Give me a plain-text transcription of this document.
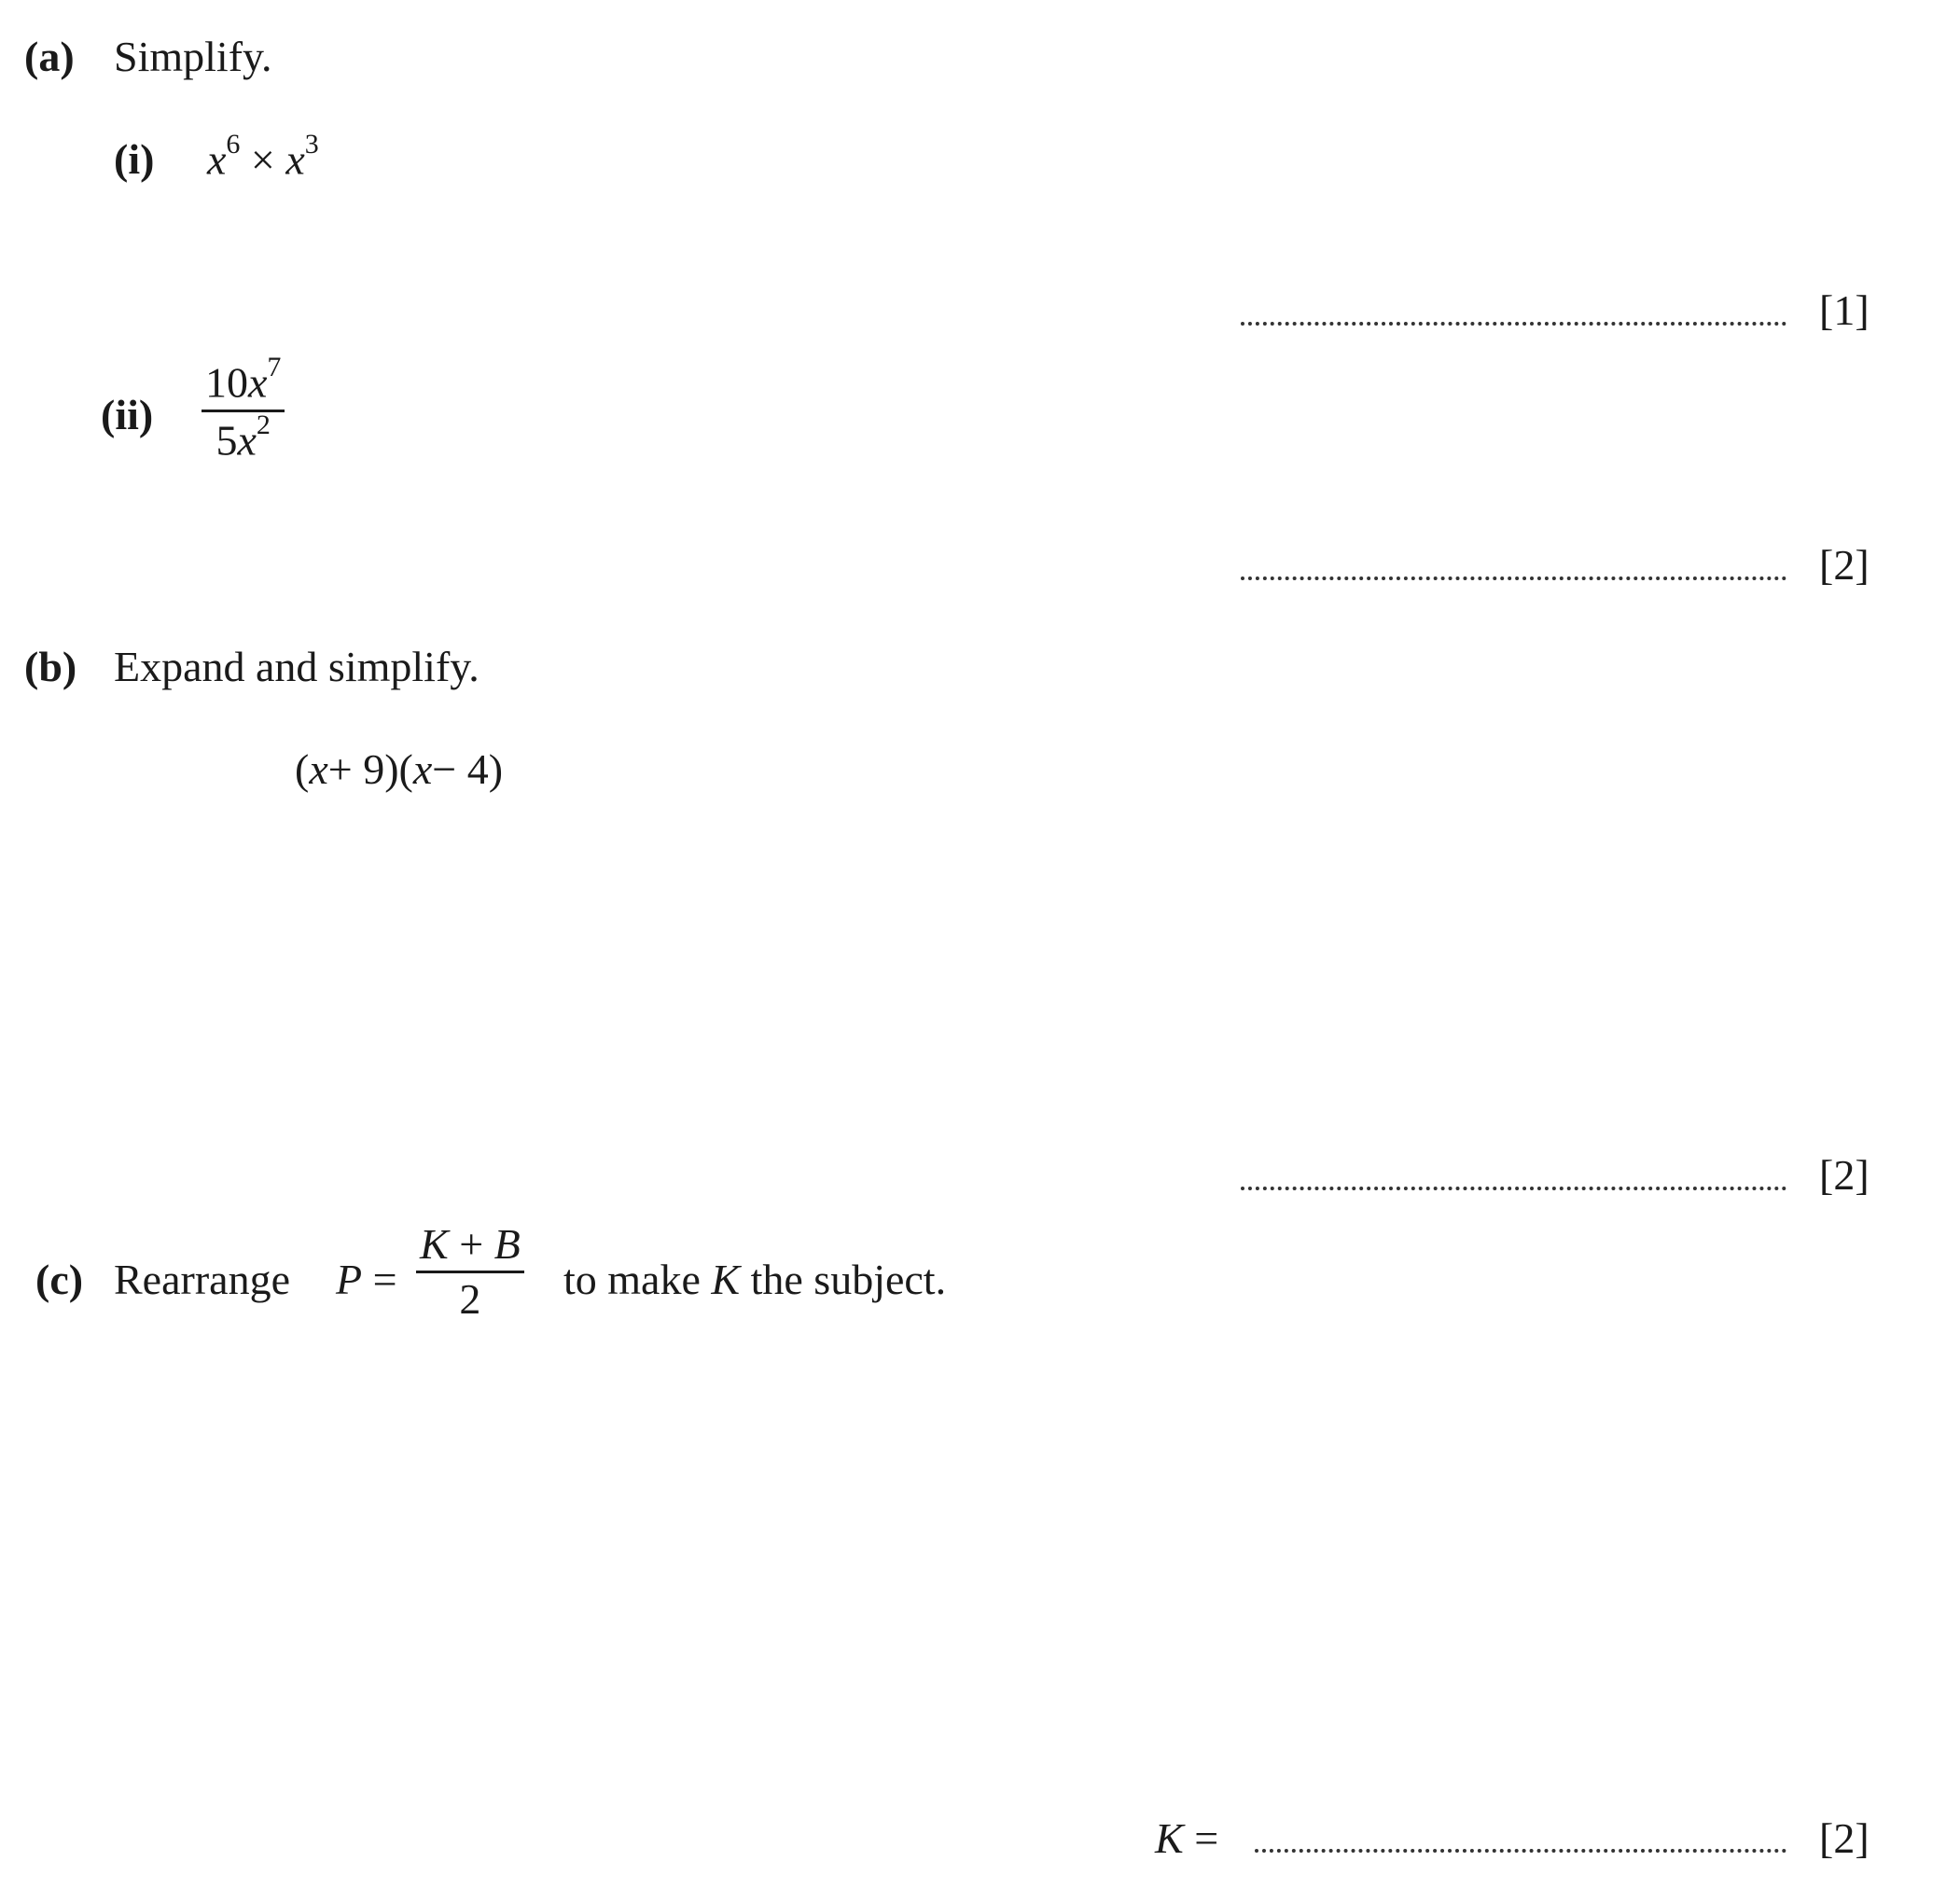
(a) Simplify.
(i) $x^6 \times x^3$
[1]
$(ii) \frac{10x^7}{5x^2}$
[2]
(b) Expand and simplify.
(x+ 9)(x− 4)
[2]
(c) Rearrange $P = \frac{K + B}{2}$ to make K the subject.
K =	[2]
